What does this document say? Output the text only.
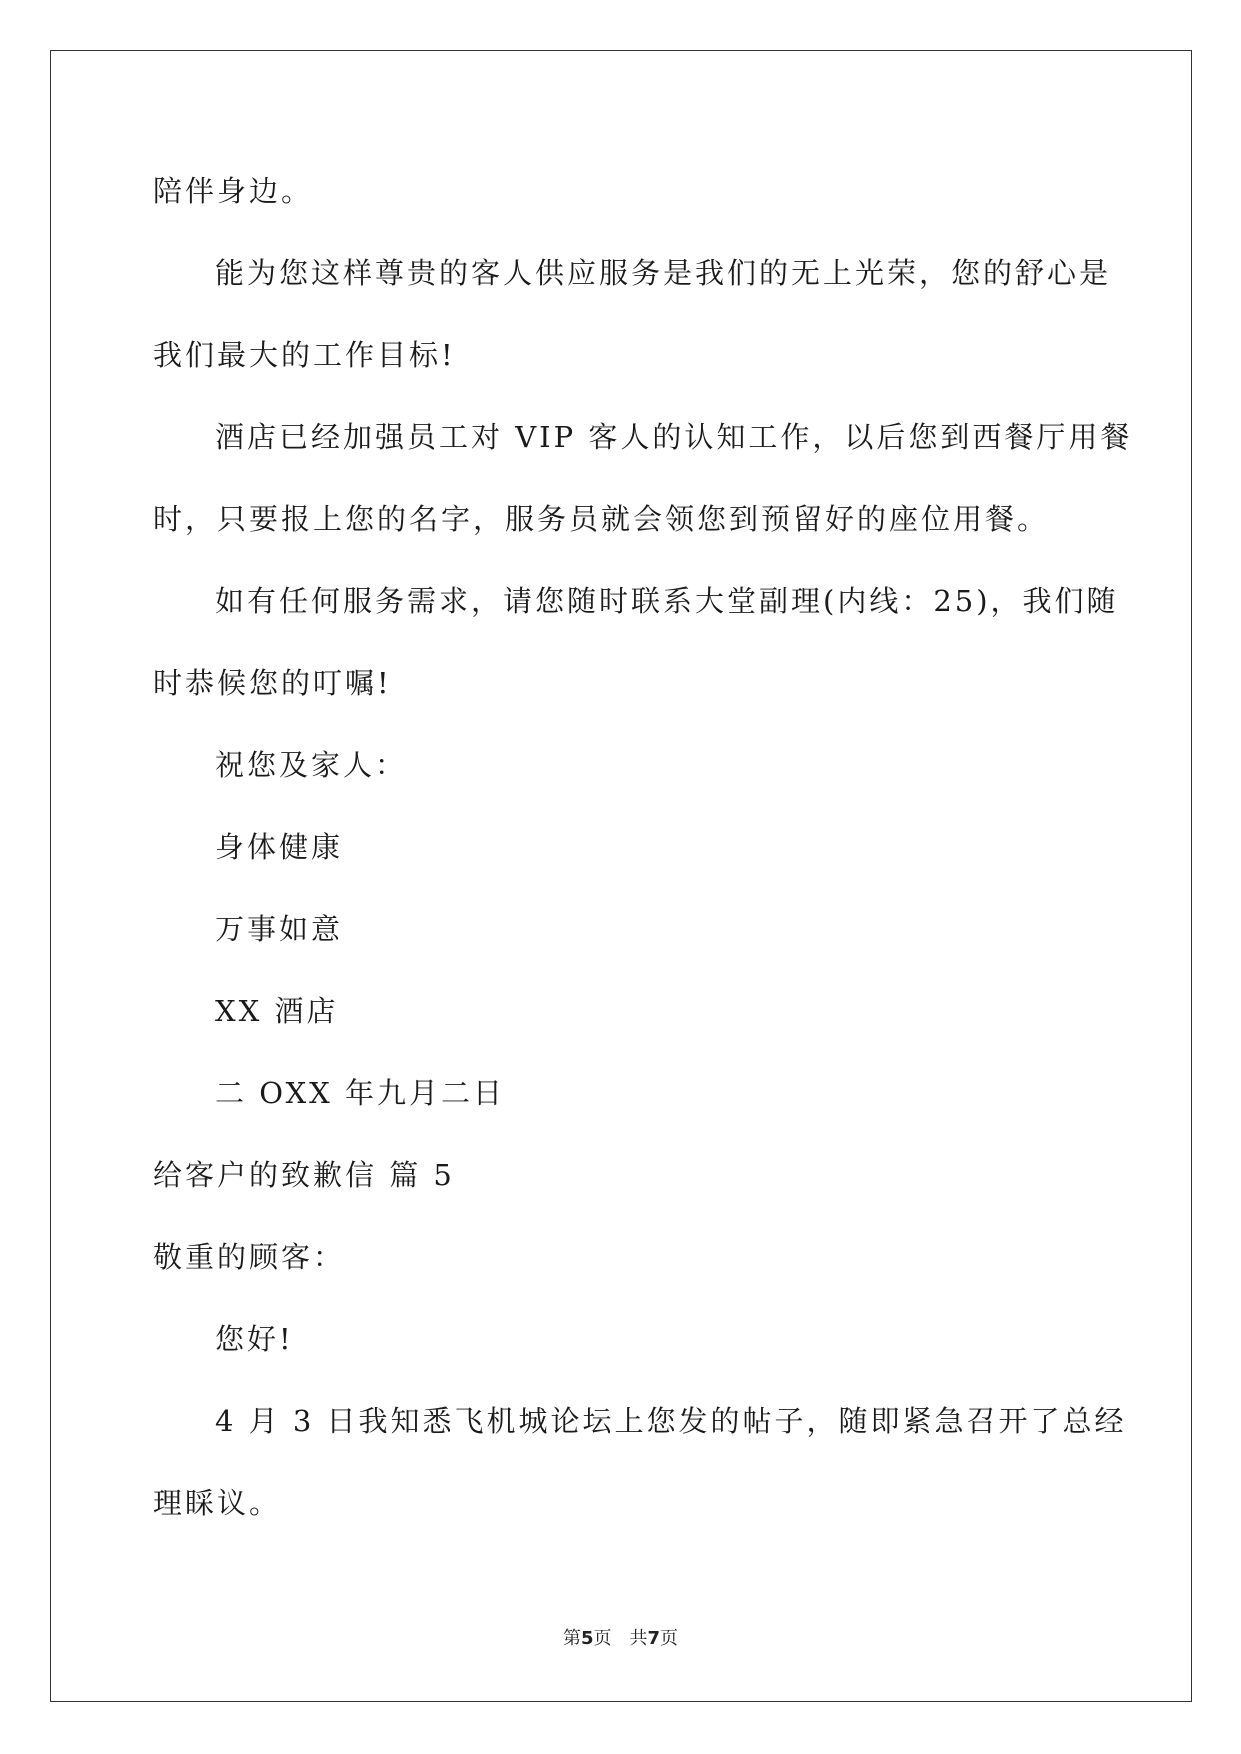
陪伴身边。
能为您这样尊贵的客人供应服务是我们的无上光荣，您的舒心是
我们最大的工作目标!
酒店已经加强员工对 VIP 客人的认知工作，以后您到西餐厅用餐
时，只要报上您的名字，服务员就会领您到预留好的座位用餐。
如有任何服务需求，请您随时联系大堂副理(内线：25)，我们随
时恭候您的叮嘱!
祝您及家人：
身体健康
万事如意
XX 酒店
二 OXX 年九月二日
给客户的致歉信 篇 5
敬重的顾客：
您好!
4 月 3 日我知悉飞机城论坛上您发的帖子，随即紧急召开了总经
理睬议。
第5页 共7页
